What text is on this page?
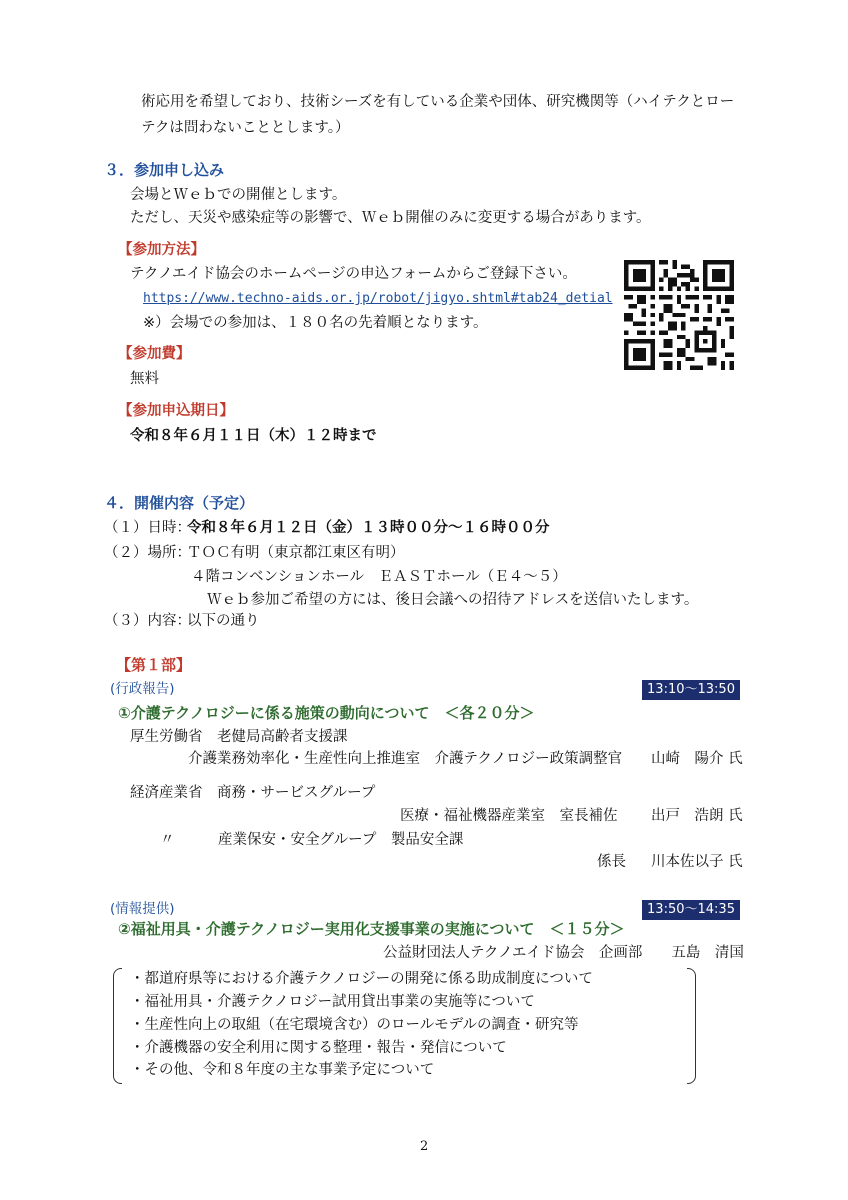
術応用を希望しており、技術シーズを有している企業や団体、研究機関等（ハイテクとロー
テクは問わないこととします。）
３．参加申し込み
会場とＷｅｂでの開催とします。
ただし、天災や感染症等の影響で、Ｗｅｂ開催のみに変更する場合があります。
【参加方法】
テクノエイド協会のホームページの申込フォームからご登録下さい。
https://www.techno-aids.or.jp/robot/jigyo.shtml#tab24_detial
※）会場での参加は、１８０名の先着順となります。
【参加費】
無料
【参加申込期日】
令和８年６月１１日（木）１２時まで
４．開催内容（予定）
（１）日時：
令和８年６月１２日（金）１３時００分～１６時００分
（２）場所：
ＴＯＣ有明（東京都江東区有明）
４階コンベンションホール　ＥＡＳＴホール（Ｅ４～５）
Ｗｅｂ参加ご希望の方には、後日会議への招待アドレスを送信いたします。
（３）内容：
以下の通り
【第１部】
(行政報告)	13:10～13:50
①介護テクノロジーに係る施策の動向について　＜各２０分＞
厚生労働省　老健局高齢者支援課
介護業務効率化・生産性向上推進室　介護テクノロジー政策調整官 山崎　陽介 氏
経済産業省　商務・サービスグループ
医療・福祉機器産業室　室長補佐 出戸　浩朗 氏
〃	産業保安・安全グループ　製品安全課
係長 川本佐以子 氏
(情報提供)	13:50～14:35
②福祉用具・介護テクノロジー実用化支援事業の実施について　＜１５分＞
公益財団法人テクノエイド協会　企画部　　五島　清国
・都道府県等における介護テクノロジーの開発に係る助成制度について
・福祉用具・介護テクノロジー試用貸出事業の実施等について
・生産性向上の取組（在宅環境含む）のロールモデルの調査・研究等
・介護機器の安全利用に関する整理・報告・発信について
・その他、令和８年度の主な事業予定について
2
